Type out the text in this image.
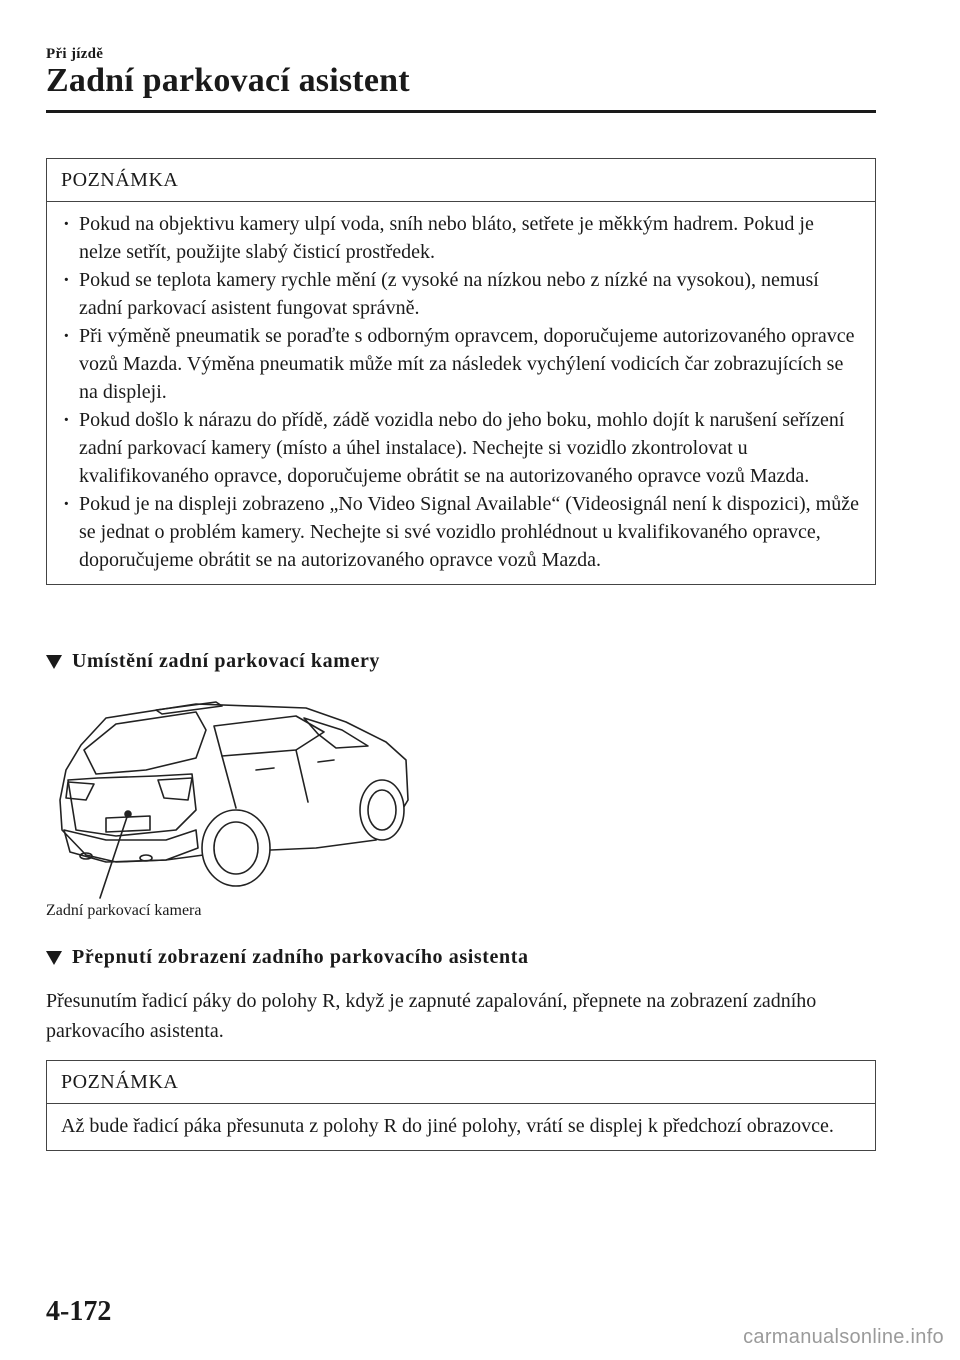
Při jízdě
Zadní parkovací asistent
POZNÁMKA
· Pokud na objektivu kamery ulpí voda, sníh nebo bláto, setřete je měkkým hadrem. Pokud je nelze setřít, použijte slabý čisticí prostředek.
· Pokud se teplota kamery rychle mění (z vysoké na nízkou nebo z nízké na vysokou), nemusí zadní parkovací asistent fungovat správně.
· Při výměně pneumatik se poraďte s odborným opravcem, doporučujeme autorizovaného opravce vozů Mazda. Výměna pneumatik může mít za následek vychýlení vodicích čar zobrazujících se na displeji.
· Pokud došlo k nárazu do přídě, zádě vozidla nebo do jeho boku, mohlo dojít k narušení seřízení zadní parkovací kamery (místo a úhel instalace). Nechejte si vozidlo zkontrolovat u kvalifikovaného opravce, doporučujeme obrátit se na autorizovaného opravce vozů Mazda.
· Pokud je na displeji zobrazeno „No Video Signal Available“ (Videosignál není k dispozici), může se jednat o problém kamery. Nechejte si své vozidlo prohlédnout u kvalifikovaného opravce, doporučujeme obrátit se na autorizovaného opravce vozů Mazda.
Umístění zadní parkovací kamery
Zadní parkovací kamera
Přepnutí zobrazení zadního parkovacího asistenta
Přesunutím řadicí páky do polohy R, když je zapnuté zapalování, přepnete na zobrazení zadního parkovacího asistenta.
POZNÁMKA
Až bude řadicí páka přesunuta z polohy R do jiné polohy, vrátí se displej k předchozí obrazovce.
4-172
carmanualsonline.info
